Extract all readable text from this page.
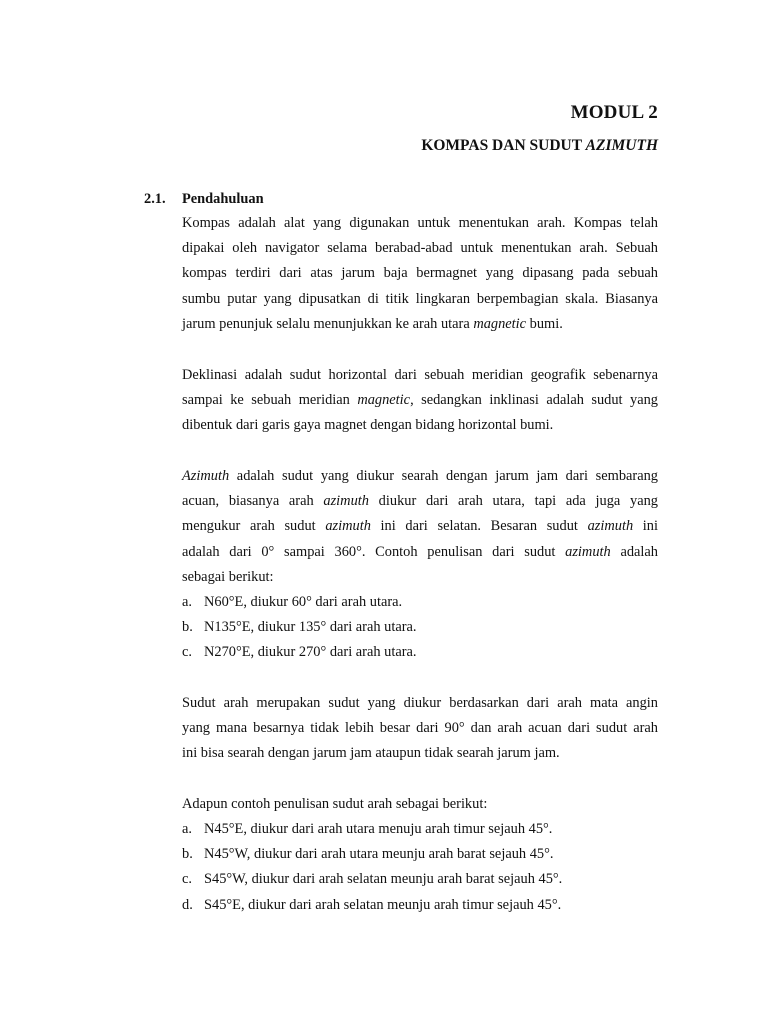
MODUL 2
KOMPAS DAN SUDUT AZIMUTH
2.1. Pendahuluan
Kompas adalah alat yang digunakan untuk menentukan arah. Kompas telah
dipakai oleh navigator selama berabad-abad untuk menentukan arah. Sebuah
kompas terdiri dari atas jarum baja bermagnet yang dipasang pada sebuah
sumbu putar yang dipusatkan di titik lingkaran berpembagian skala. Biasanya
jarum penunjuk selalu menunjukkan ke arah utara magnetic bumi.
Deklinasi adalah sudut horizontal dari sebuah meridian geografik sebenarnya
sampai ke sebuah meridian magnetic, sedangkan inklinasi adalah sudut yang
dibentuk dari garis gaya magnet dengan bidang horizontal bumi.
Azimuth adalah sudut yang diukur searah dengan jarum jam dari sembarang
acuan, biasanya arah azimuth diukur dari arah utara, tapi ada juga yang
mengukur arah sudut azimuth ini dari selatan. Besaran sudut azimuth ini
adalah dari 0° sampai 360°. Contoh penulisan dari sudut azimuth adalah
sebagai berikut:
a. N60°E, diukur 60° dari arah utara.
b. N135°E, diukur 135° dari arah utara.
c. N270°E, diukur 270° dari arah utara.
Sudut arah merupakan sudut yang diukur berdasarkan dari arah mata angin
yang mana besarnya tidak lebih besar dari 90° dan arah acuan dari sudut arah
ini bisa searah dengan jarum jam ataupun tidak searah jarum jam.
Adapun contoh penulisan sudut arah sebagai berikut:
a. N45°E, diukur dari arah utara menuju arah timur sejauh 45°.
b. N45°W, diukur dari arah utara meunju arah barat sejauh 45°.
c. S45°W, diukur dari arah selatan meunju arah barat sejauh 45°.
d. S45°E, diukur dari arah selatan meunju arah timur sejauh 45°.
